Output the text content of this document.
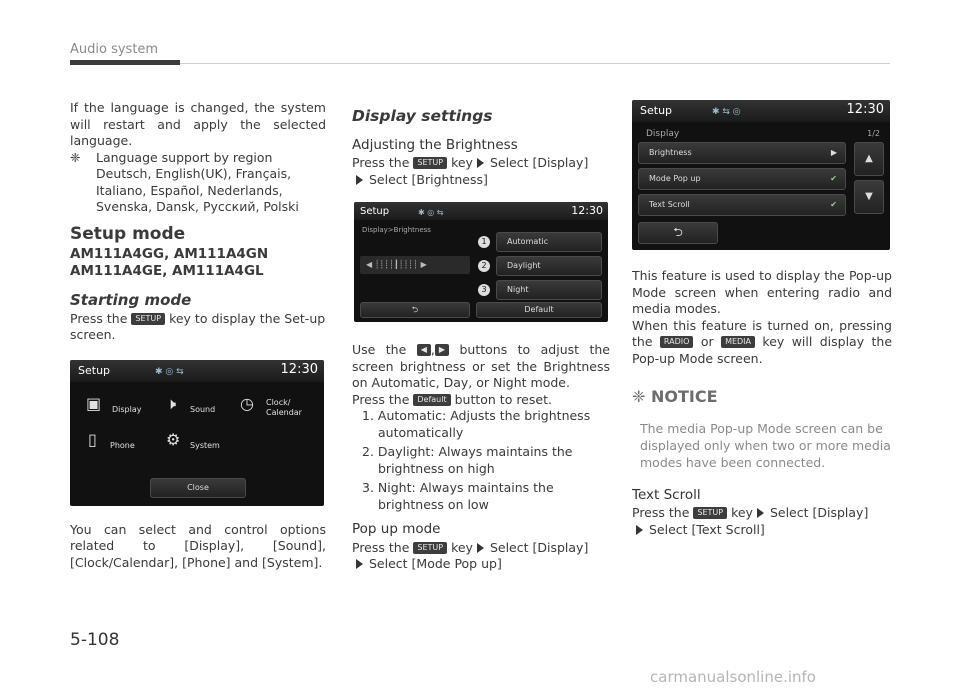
Audio system

If the language is changed, the system will restart and apply the selected language.

❈ Language support by region
Deutsch, English(UK), Français, Italiano, Español, Nederlands, Svenska, Dansk, Русский, Polski
Setup mode
AM111A4GG, AM111A4GN
AM111A4GE, AM111A4GL
Starting mode

Press the SETUP key to display the Set-up screen.

Setup	✱ ◎ ⇆	12:30
▣ Display 🕨 Sound ◷ Clock/
Calendar
▯ Phone ⚙ System
Close

You can select and control options related to [Display], [Sound], [Clock/Calendar], [Phone] and [System].

Display settings
Adjusting the Brightness

Press the SETUP key Select [Display]
Select [Brightness]

Setup	✱ ◎ ⇆	12:30
Display>Brightness
◀ ┊┊┊┊┃┊┊┊┊ ▶
1
2
3
Automatic
Daylight
Night
⮌	Default

Use the ◀ , ▶ buttons to adjust the screen brightness or set the Brightness on Automatic, Day, or Night mode.

Press the Default button to reset.

1. Automatic: Adjusts the brightness automatically
2. Daylight: Always maintains the brightness on high
3. Night: Always maintains the brightness on low
Pop up mode

Press the SETUP key Select [Display]
Select [Mode Pop up]

Setup	✱ ⇆ ◎	12:30
Display	1/2
Brightness	▶
Mode Pop up	✔
Text Scroll	✔
▲
▼
⮌

This feature is used to display the Pop-up Mode screen when entering radio and media modes.

When this feature is turned on, pressing the RADIO or MEDIA key will display the Pop-up Mode screen.

❈ NOTICE

The media Pop-up Mode screen can be displayed only when two or more media modes have been connected.

Text Scroll

Press the SETUP key Select [Display]
Select [Text Scroll]

5-108
carmanualsonline.info
